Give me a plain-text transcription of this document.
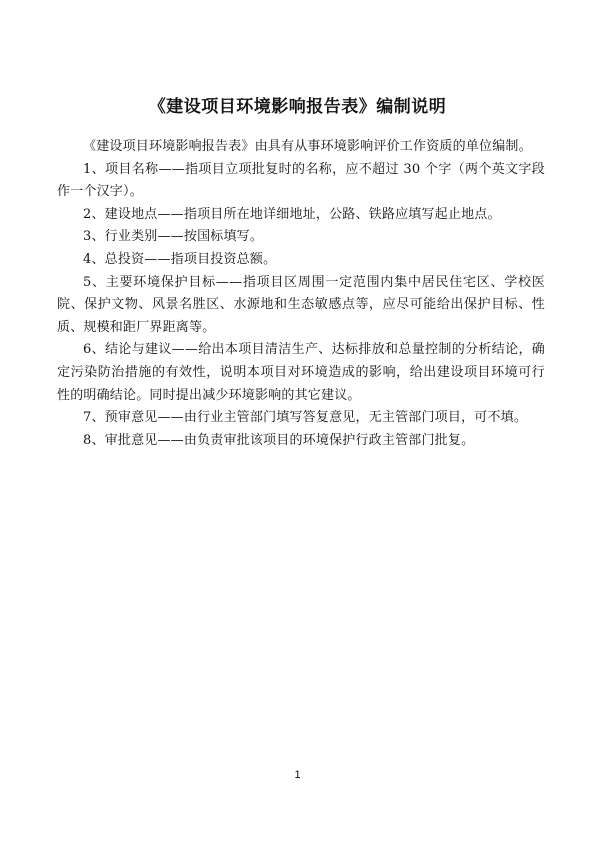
《建设项目环境影响报告表》编制说明

《建设项目环境影响报告表》由具有从事环境影响评价工作资质的单位编制。

1、项目名称——指项目立项批复时的名称，应不超过 30 个字（两个英文字段作一个汉字）。

2、建设地点——指项目所在地详细地址，公路、铁路应填写起止地点。

3、行业类别——按国标填写。

4、总投资——指项目投资总额。

5、主要环境保护目标——指项目区周围一定范围内集中居民住宅区、学校医院、保护文物、风景名胜区、水源地和生态敏感点等，应尽可能给出保护目标、性质、规模和距厂界距离等。

6、结论与建议——给出本项目清洁生产、达标排放和总量控制的分析结论，确定污染防治措施的有效性，说明本项目对环境造成的影响，给出建设项目环境可行性的明确结论。同时提出减少环境影响的其它建议。

7、预审意见——由行业主管部门填写答复意见，无主管部门项目，可不填。

8、审批意见——由负责审批该项目的环境保护行政主管部门批复。

1
